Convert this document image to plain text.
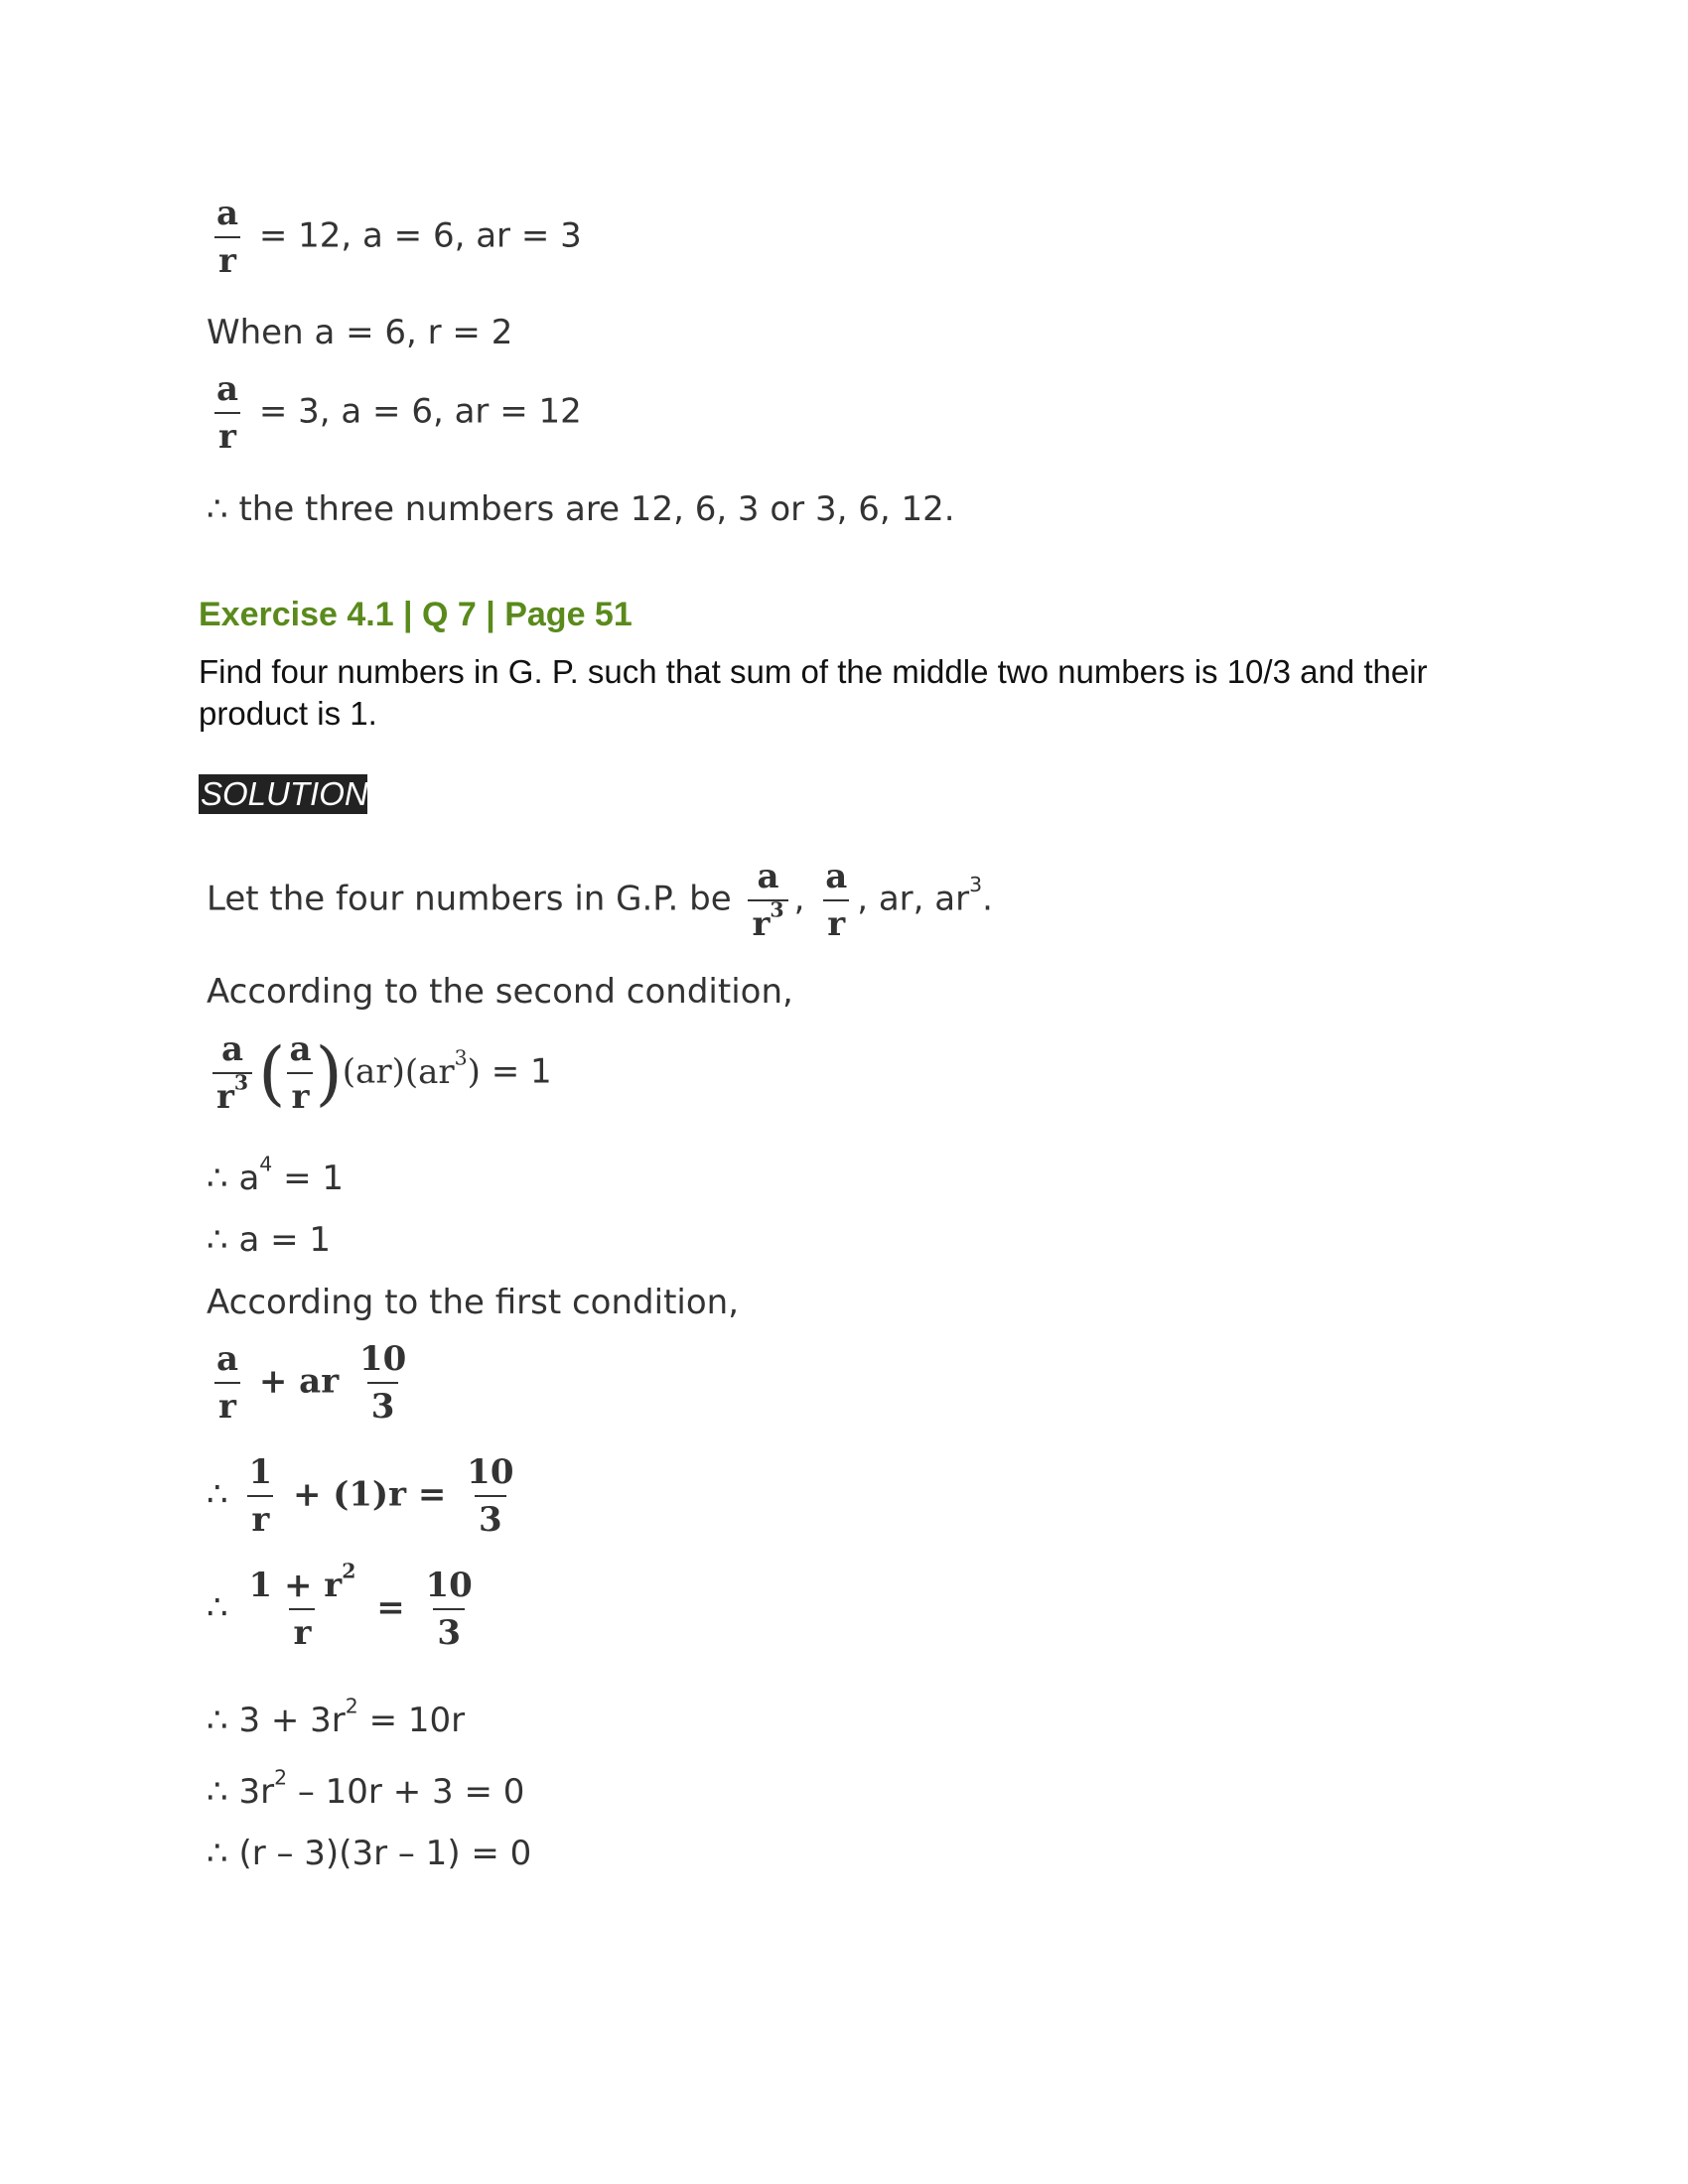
$\frac{a}{r} = 12$, a = 6, ar = 3
When a = 6, r = 2
$\frac{a}{r} = 3$, a = 6, ar = 12
∴ the three numbers are 12, 6, 3 or 3, 6, 12.
Exercise 4.1 | Q 7 | Page 51
Find four numbers in G. P. such that sum of the middle two numbers is 10/3 and their product is 1.
SOLUTION
Let the four numbers in G.P. be $\frac{a}{r^3}$ , $\frac{a}{r}$ , ar, $ar^3$.
According to the second condition,
$\frac{a}{r^3}$ ( $\frac{a}{r} )(ar)(ar^3) = 1$
∴ $a^4 = 1$
∴ a = 1
According to the first condition,
$\frac{a}{r}$ + ar $\frac{10}{3}$
∴ $\frac{1}{r} + (1)r = \frac{10}{3}$
∴ $\frac{1 + r^2}{r} = \frac{10}{3}$
∴ $3 + 3r^2 = 10r$
∴ $3r^2 - 10r + 3 = 0$
∴ (r – 3)(3r – 1) = 0
